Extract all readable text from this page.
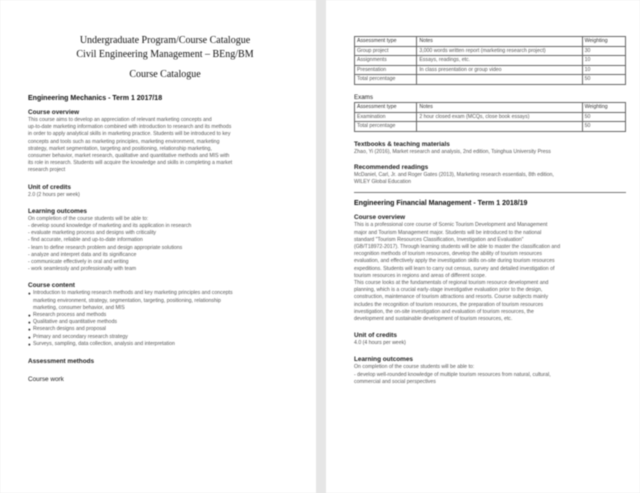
Undergraduate Program/Course Catalogue
Civil Engineering Management – BEng/BM
Course Catalogue
Engineering Mechanics - Term 1 2017/18
Course overview
This course aims to develop an appreciation of relevant marketing concepts and
up-to-date marketing information combined with introduction to research and its methods
in order to apply analytical skills in marketing practice. Students will be introduced to key
concepts and tools such as marketing principles, marketing environment, marketing
strategy, market segmentation, targeting and positioning, relationship marketing,
consumer behavior, market research, qualitative and quantitative methods and MIS with
its role in research. Students will acquire the knowledge and skills in completing a market
research project
Unit of credits
2.0 (2 hours per week)
Learning outcomes
On completion of the course students will be able to:
- develop sound knowledge of marketing and its application in research
- evaluate marketing process and designs with criticality
- find accurate, reliable and up-to-date information
- learn to define research problem and design appropriate solutions
- analyze and interpret data and its significance
- communicate effectively in oral and writing
- work seamlessly and professionally with team
Course content
● Introduction to marketing research methods and key marketing principles and concepts
marketing environment, strategy, segmentation, targeting, positioning, relationship
marketing, consumer behavior, and MIS
● Research process and methods
● Qualitative and quantitative methods
● Research designs and proposal
● Primary and secondary research strategy
● Surveys, sampling, data collection, analysis and interpretation
Assessment methods
Course work
Assessment type	Notes	Weighting
Group project	3,000 words written report (marketing research project)	30
Assignments	Essays, readings, etc.	10
Presentation	In class presentation or group video	10
Total percentage		50
Exams
Assessment type	Notes	Weighting
Examination	2 hour closed exam (MCQs, close book essays)	50
Total percentage		50
Textbooks & teaching materials
Zhao, Yi (2016), Market research and analysis, 2nd edition, Tsinghua University Press
Recommended readings
McDaniel, Carl, Jr. and Roger Gates (2013), Marketing research essentials, 8th edition,
WILEY Global Education
Engineering Financial Management - Term 1 2018/19
Course overview
This is a professional core course of Scenic Tourism Development and Management
major and Tourism Management major. Students will be introduced to the national
standard "Tourism Resources Classification, Investigation and Evaluation"
(GB/T18972-2017). Through learning students will be able to master the classification and
recognition methods of tourism resources, develop the ability of tourism resources
evaluation, and effectively apply the investigation skills on-site during tourism resources
expeditions. Students will learn to carry out census, survey and detailed investigation of
tourism resources in regions and areas of different scope.
This course looks at the fundamentals of regional tourism resource development and
planning, which is a crucial early-stage investigative evaluation prior to the design,
construction, maintenance of tourism attractions and resorts. Course subjects mainly
includes the recognition of tourism resources, the preparation of tourism resources
investigation, the on-site investigation and evaluation of tourism resources, the
development and sustainable development of tourism resources, etc.
Unit of credits
4.0 (4 hours per week)
Learning outcomes
On completion of the course students will be able to:
- develop well-rounded knowledge of multiple tourism resources from natural, cultural,
commercial and social perspectives
